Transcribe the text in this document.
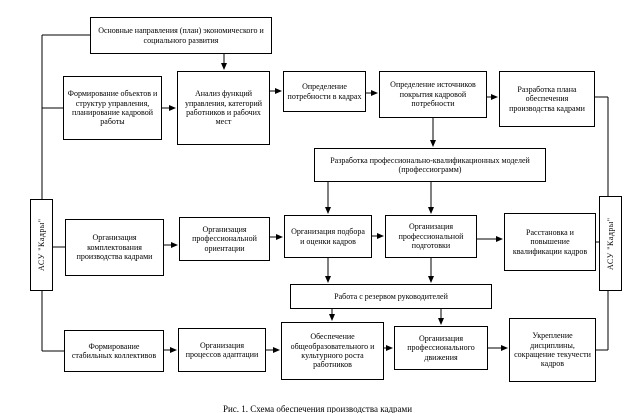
Основные направления (план) экономического и социального развития
АСУ "Кадры"	АСУ "Кадры"
Формирование объектов и структур управления, планирование кадровой работы
Анализ функций управления, категорий работников и рабочих мест
Определение потребности в кадрах
Определение источников покрытия кадровой потребности
Разработка плана обеспечения производства кадрами
Разработка профессионально-квалификационных моделей (профессиограмм)
Организация комплектования производства кадрами
Организация профессиональной ориентации
Организация подбора и оценки кадров
Организация профессиональной подготовки
Расстановка и повышение квалификации кадров
Работа с резервом руководителей
Формирование стабильных коллективов
Организация процессов адаптации
Обеспечение общеобразовательного и культурного роста работников
Организация профессионального движения
Укрепление дисциплины, сокращение текучести кадров
Рис. 1. Схема обеспечения производства кадрами
